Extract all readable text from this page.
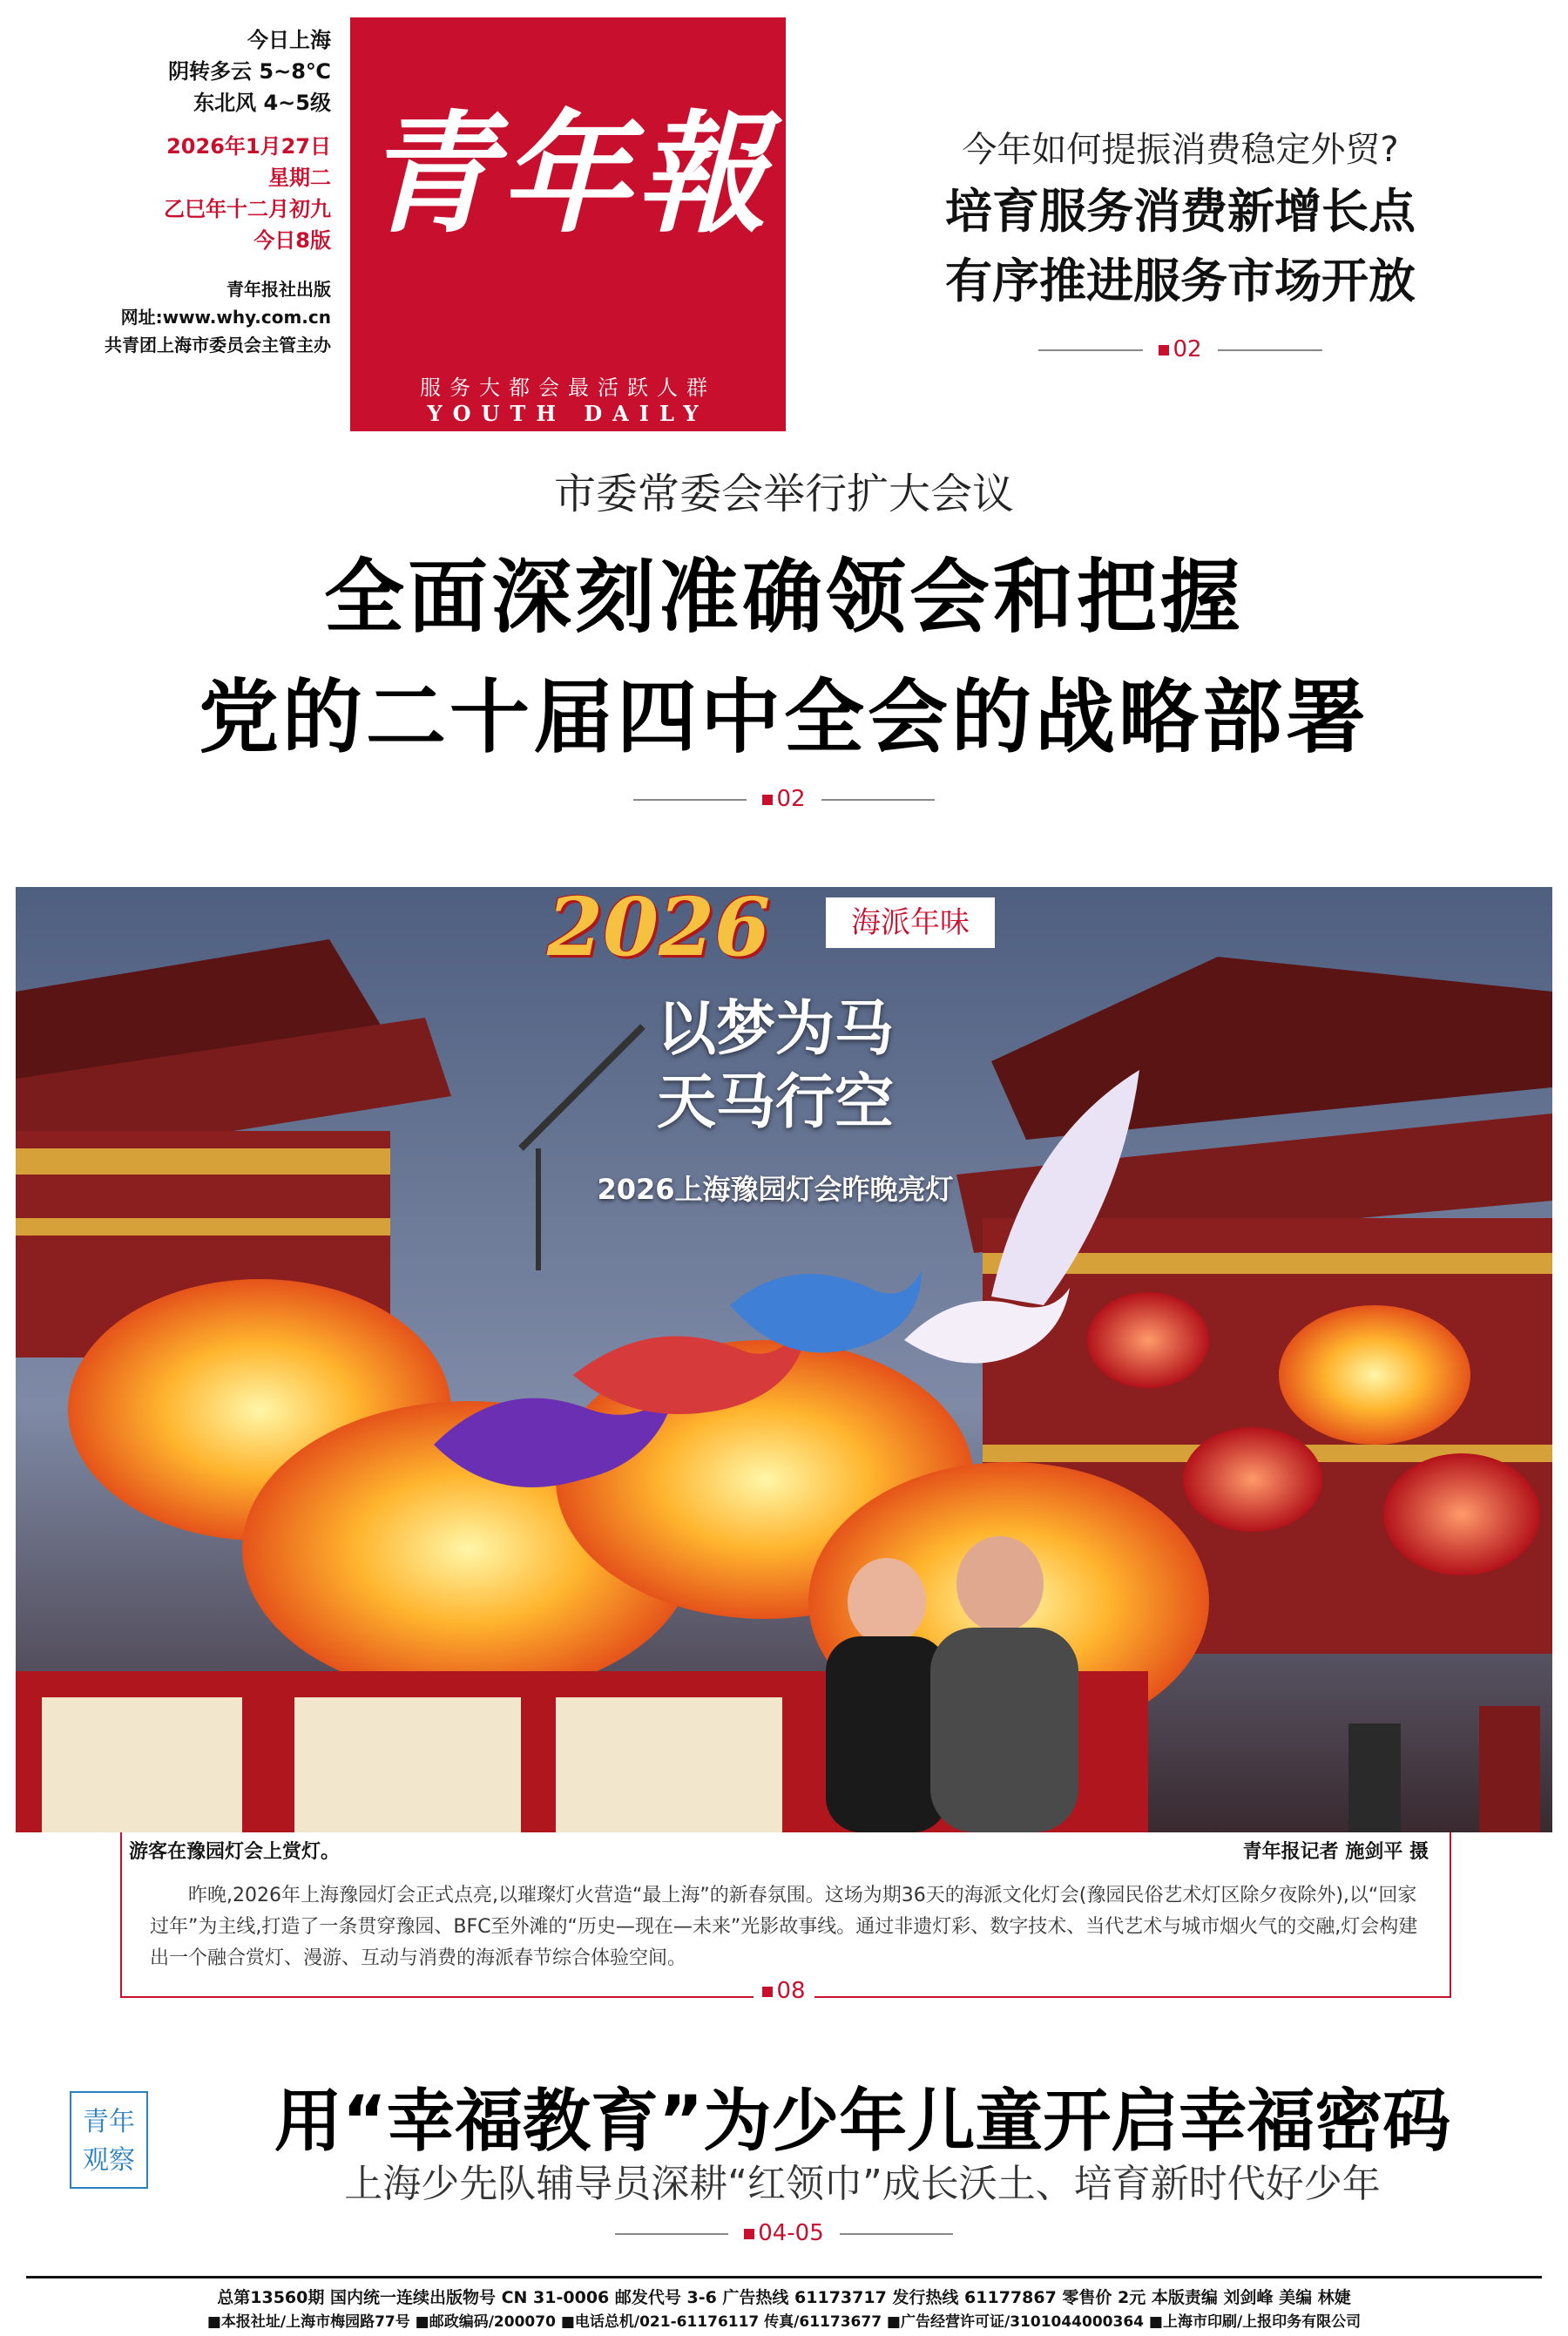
今日上海
阴转多云 5~8℃
东北风 4~5级
2026年1月27日
星期二
乙巳年十二月初九
今日8版
青年报社出版
网址:www.why.com.cn
共青团上海市委员会主管主办
青年報
服务大都会最活跃人群
YOUTH DAILY
今年如何提振消费稳定外贸?
培育服务消费新增长点
有序推进服务市场开放
02
市委常委会举行扩大会议
全面深刻准确领会和把握
党的二十届四中全会的战略部署
02
2026	海派年味
以梦为马
天马行空
2026上海豫园灯会昨晚亮灯
游客在豫园灯会上赏灯。	青年报记者 施剑平 摄
昨晚,2026年上海豫园灯会正式点亮,以璀璨灯火营造“最上海”的新春氛围。这场为期36天的海派文化灯会(豫园民俗艺术灯区除夕夜除外),以“回家过年”为主线,打造了一条贯穿豫园、BFC至外滩的“历史—现在—未来”光影故事线。通过非遗灯彩、数字技术、当代艺术与城市烟火气的交融,灯会构建出一个融合赏灯、漫游、互动与消费的海派春节综合体验空间。
08
青年
观察	用“幸福教育”为少年儿童开启幸福密码
上海少先队辅导员深耕“红领巾”成长沃土、培育新时代好少年
04-05
总第13560期 国内统一连续出版物号 CN 31-0006 邮发代号 3-6 广告热线 61173717 发行热线 61177867 零售价 2元 本版责编 刘剑峰 美编 林婕
■本报社址/上海市梅园路77号 ■邮政编码/200070 ■电话总机/021-61176117 传真/61173677 ■广告经营许可证/3101044000364 ■上海市印刷/上报印务有限公司
